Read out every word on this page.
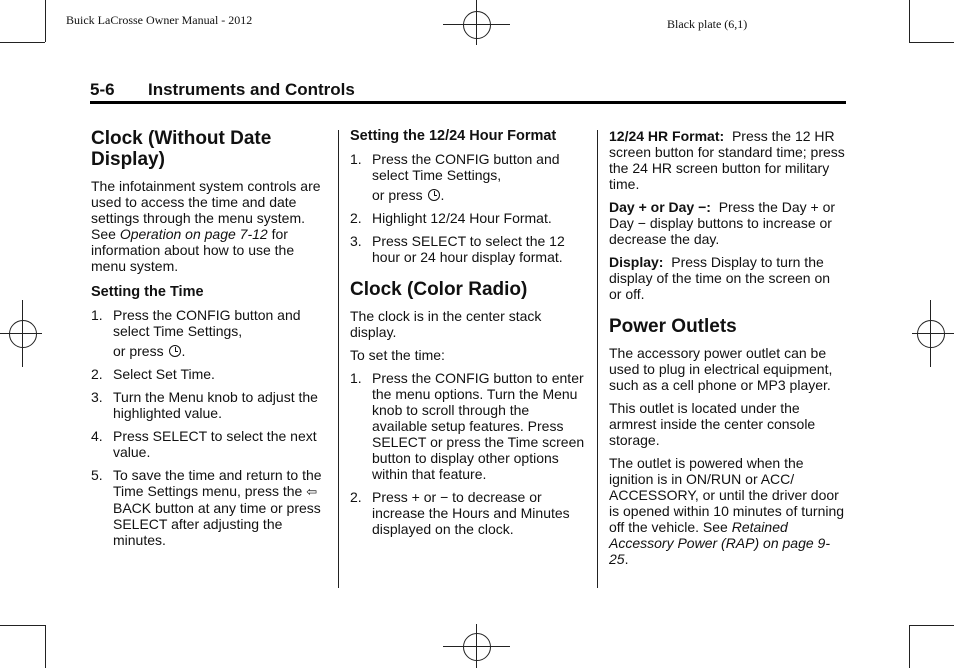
Buick LaCrosse Owner Manual - 2012	Black plate (6,1)
5-6 Instruments and Controls
Clock (Without Date Display)

The infotainment system controls are used to access the time and date settings through the menu system. See Operation on page 7-12 for information about how to use the menu system.

Setting the Time
1. Press the CONFIG button and select Time Settings,
or press .
2. Select Set Time.
3. Turn the Menu knob to adjust the highlighted value.
4. Press SELECT to select the next value.
5. To save the time and return to the Time Settings menu, press the ⇦BACK button at any time or press SELECT after adjusting the minutes.
Setting the 12/24 Hour Format
1. Press the CONFIG button and select Time Settings,
or press .
2. Highlight 12/24 Hour Format.
3. Press SELECT to select the 12 hour or 24 hour display format.
Clock (Color Radio)

The clock is in the center stack display.

To set the time:

1. Press the CONFIG button to enter the menu options. Turn the Menu knob to scroll through the available setup features. Press SELECT or press the Time screen button to display other options within that feature.
2. Press + or − to decrease or increase the Hours and Minutes displayed on the clock.

12/24 HR Format: Press the 12 HR screen button for standard time; press the 24 HR screen button for military time.

Day + or Day −: Press the Day + or Day − display buttons to increase or decrease the day.

Display: Press Display to turn the display of the time on the screen on or off.

Power Outlets

The accessory power outlet can be used to plug in electrical equipment, such as a cell phone or MP3 player.

This outlet is located under the armrest inside the center console storage.

The outlet is powered when the ignition is in ON/RUN or ACC/ ACCESSORY, or until the driver door is opened within 10 minutes of turning off the vehicle. See Retained Accessory Power (RAP) on page 9-25.
